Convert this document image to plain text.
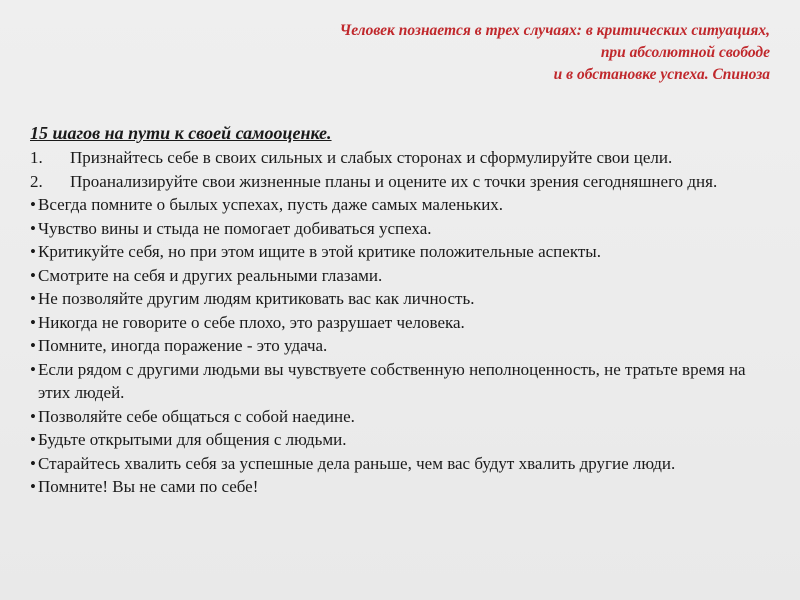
Человек познается в трех случаях: в критических ситуациях,
при абсолютной свободе
и в обстановке успеха. Спиноза
15 шагов на пути к своей самооценке.
1. Признайтесь себе в своих сильных и слабых сторонах и сформулируйте свои цели.
2. Проанализируйте свои жизненные планы и оцените их с точки зрения сегодняшнего дня.
• Всегда помните о былых успехах, пусть даже самых маленьких.
• Чувство вины и стыда не помогает добиваться успеха.
• Критикуйте себя, но при этом ищите в этой критике положительные аспекты.
• Смотрите на себя и других реальными глазами.
• Не позволяйте другим людям критиковать вас как личность.
• Никогда не говорите о себе плохо, это разрушает человека.
• Помните, иногда поражение - это удача.
• Если рядом с другими людьми вы чувствуете собственную неполноценность, не тратьте время на этих людей.
• Позволяйте себе общаться с собой наедине.
• Будьте открытыми для общения с людьми.
• Старайтесь хвалить себя за успешные дела раньше, чем вас будут хвалить другие люди.
• Помните! Вы не сами по себе!
